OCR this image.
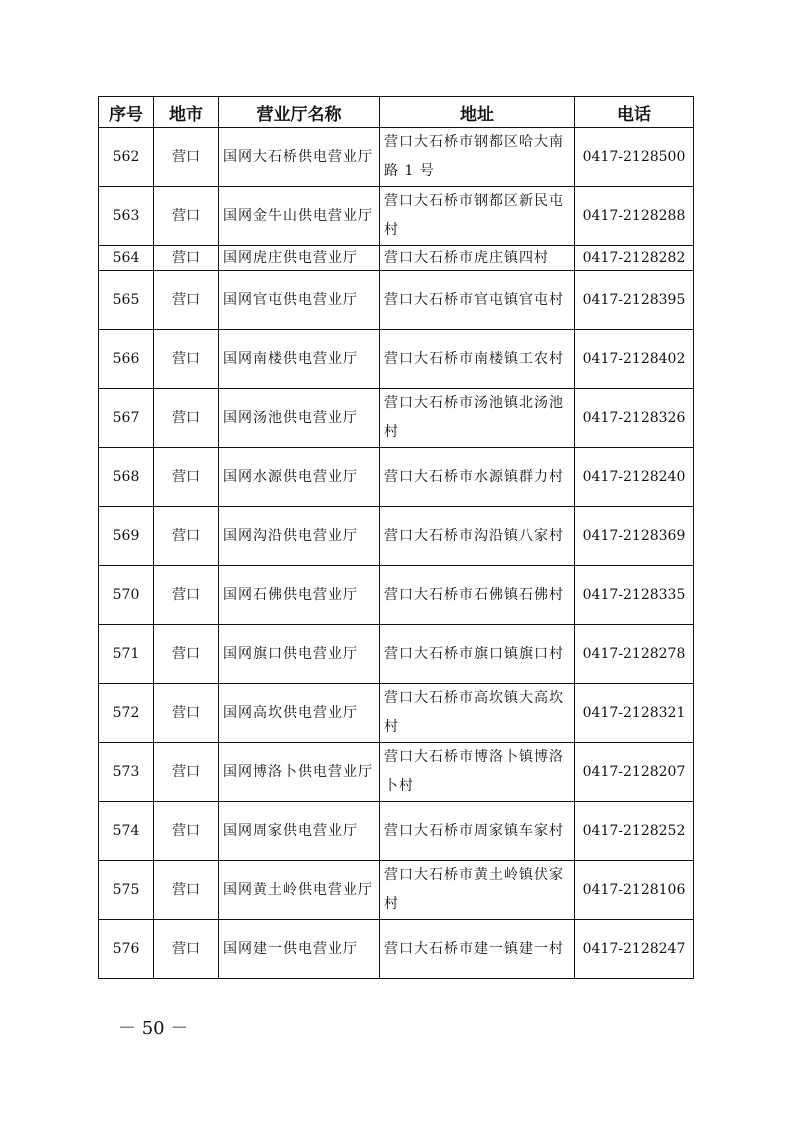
序号	地市	营业厅名称	地址	电话
562	营口	国网大石桥供电营业厅	营口大石桥市钢都区哈大南路 1 号	0417-2128500
563	营口	国网金牛山供电营业厅	营口大石桥市钢都区新民屯村	0417-2128288
564	营口	国网虎庄供电营业厅	营口大石桥市虎庄镇四村	0417-2128282
565	营口	国网官屯供电营业厅	营口大石桥市官屯镇官屯村	0417-2128395
566	营口	国网南楼供电营业厅	营口大石桥市南楼镇工农村	0417-2128402
567	营口	国网汤池供电营业厅	营口大石桥市汤池镇北汤池村	0417-2128326
568	营口	国网水源供电营业厅	营口大石桥市水源镇群力村	0417-2128240
569	营口	国网沟沿供电营业厅	营口大石桥市沟沿镇八家村	0417-2128369
570	营口	国网石佛供电营业厅	营口大石桥市石佛镇石佛村	0417-2128335
571	营口	国网旗口供电营业厅	营口大石桥市旗口镇旗口村	0417-2128278
572	营口	国网高坎供电营业厅	营口大石桥市高坎镇大高坎村	0417-2128321
573	营口	国网博洛卜供电营业厅	营口大石桥市博洛卜镇博洛卜村	0417-2128207
574	营口	国网周家供电营业厅	营口大石桥市周家镇车家村	0417-2128252
575	营口	国网黄土岭供电营业厅	营口大石桥市黄土岭镇伏家村	0417-2128106
576	营口	国网建一供电营业厅	营口大石桥市建一镇建一村	0417-2128247
－ 50 －
